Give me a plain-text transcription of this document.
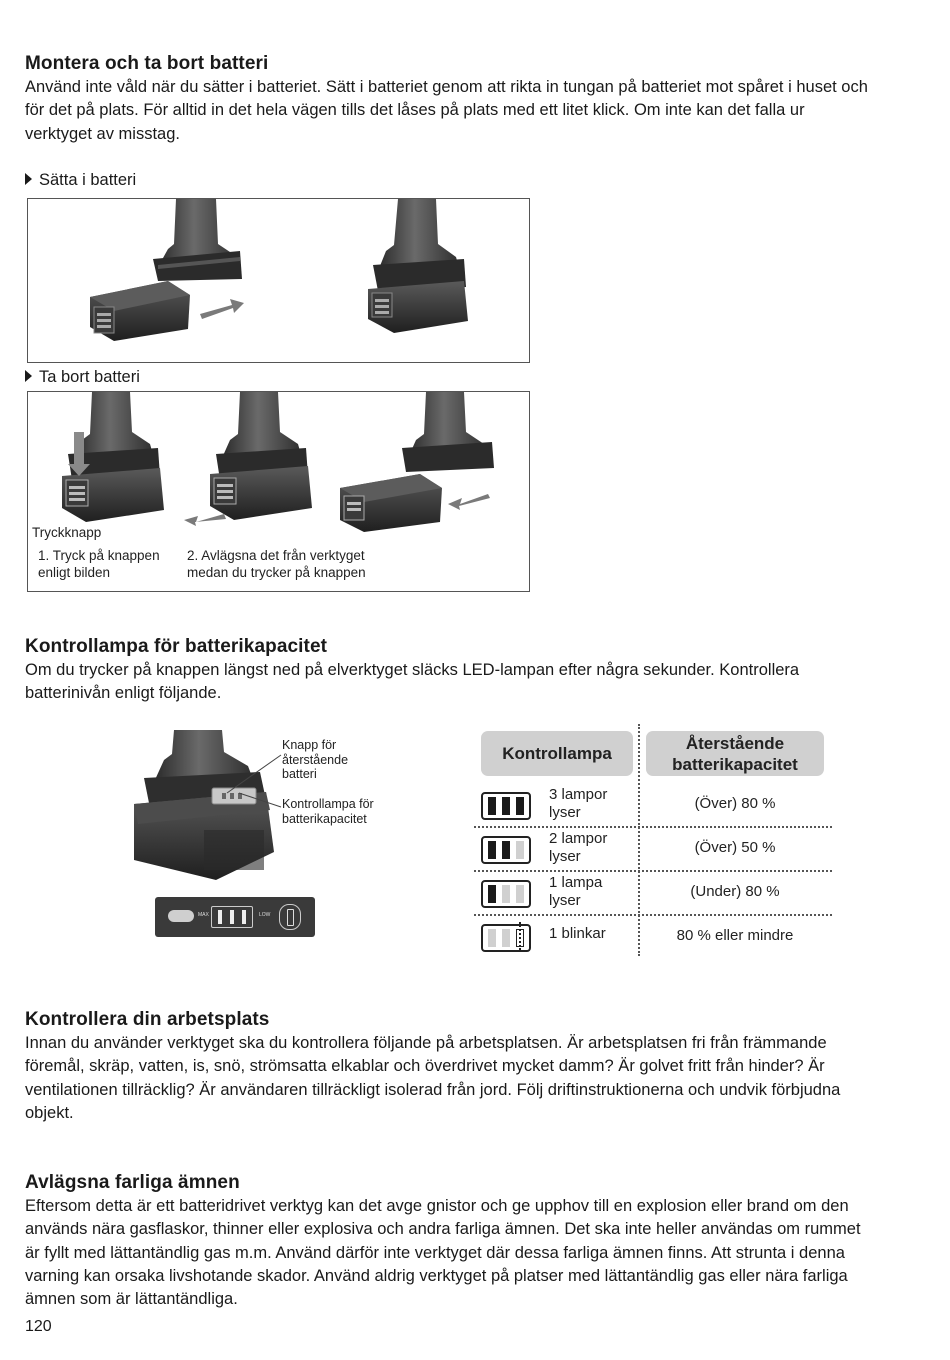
Montera och ta bort batteri
Använd inte våld när du sätter i batteriet. Sätt i batteriet genom att rikta in tungan på batteriet mot spåret i huset och för det på plats. För alltid in det hela vägen tills det låses på plats med ett litet klick. Om inte kan det falla ur verktyget av misstag.
Sätta i batteri
Ta bort batteri
Tryckknapp
1. Tryck på knappen enligt bilden
2. Avlägsna det från verktyget medan du trycker på knappen
Kontrollampa för batterikapacitet
Om du trycker på knappen längst ned på elverktyget släcks LED-lampan efter några sekunder. Kontrollera batterinivån enligt följande.
Knapp för återstående batteri
Kontrollampa för batterikapacitet
MAX	LOW
Kontrollampa
Återstående batterikapacitet
3 lampor lyser
(Över) 80 %
2 lampor lyser
(Över) 50 %
1 lampa lyser
(Under) 80 %
1 blinkar	80 % eller mindre
Kontrollera din arbetsplats
Innan du använder verktyget ska du kontrollera följande på arbetsplatsen. Är arbetsplatsen fri från främmande föremål, skräp, vatten, is, snö, strömsatta elkablar och överdrivet mycket damm? Är golvet fritt från hinder? Är ventilationen tillräcklig? Är användaren tillräckligt isolerad från jord. Följ driftinstruktionerna och undvik förbjudna objekt.
Avlägsna farliga ämnen
Eftersom detta är ett batteridrivet verktyg kan det avge gnistor och ge upphov till en explosion eller brand om den används nära gasflaskor, thinner eller explosiva och andra farliga ämnen. Det ska inte heller användas om rummet är fyllt med lättantändlig gas m.m. Använd därför inte verktyget där dessa farliga ämnen finns. Att strunta i denna varning kan orsaka livshotande skador. Använd aldrig verktyget på platser med lättantändlig gas eller nära farliga ämnen som är lättantändliga.
120
